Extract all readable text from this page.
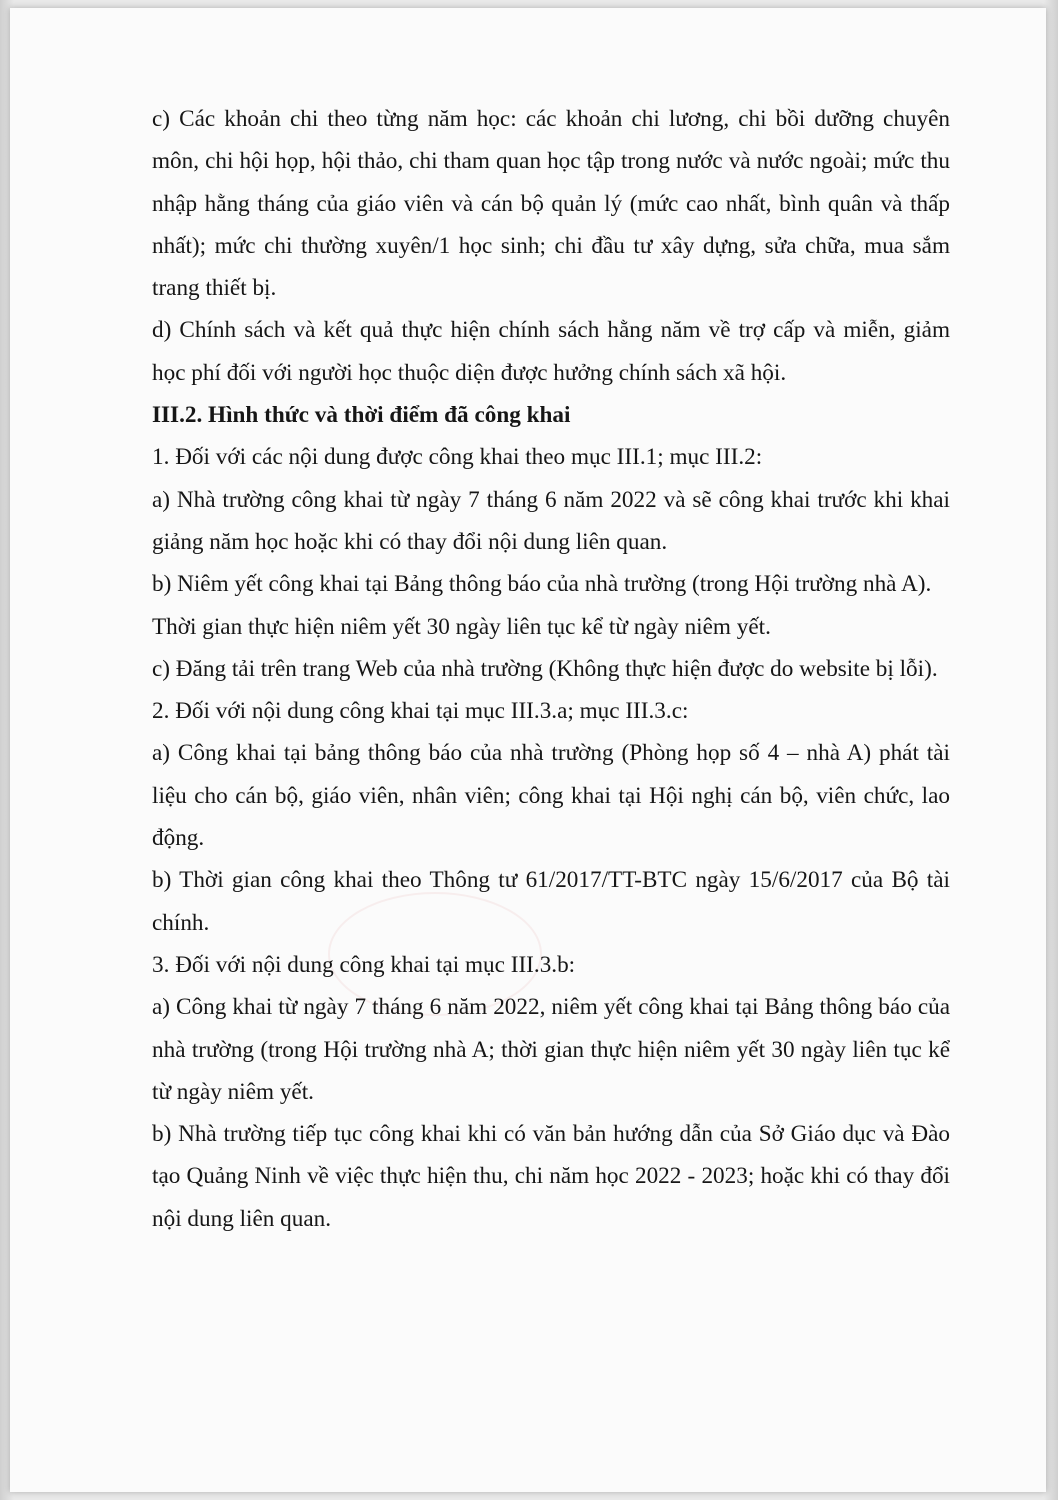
c) Các khoản chi theo từng năm học: các khoản chi lương, chi bồi dưỡng chuyên môn, chi hội họp, hội thảo, chi tham quan học tập trong nước và nước ngoài; mức thu nhập hằng tháng của giáo viên và cán bộ quản lý (mức cao nhất, bình quân và thấp nhất); mức chi thường xuyên/1 học sinh; chi đầu tư xây dựng, sửa chữa, mua sắm trang thiết bị.

d) Chính sách và kết quả thực hiện chính sách hằng năm về trợ cấp và miễn, giảm học phí đối với người học thuộc diện được hưởng chính sách xã hội.

III.2. Hình thức và thời điểm đã công khai

1. Đối với các nội dung được công khai theo mục III.1; mục III.2:

a) Nhà trường công khai từ ngày 7 tháng 6 năm 2022 và sẽ công khai trước khi khai giảng năm học hoặc khi có thay đổi nội dung liên quan.

b) Niêm yết công khai tại Bảng thông báo của nhà trường (trong Hội trường nhà A).

Thời gian thực hiện niêm yết 30 ngày liên tục kể từ ngày niêm yết.

c) Đăng tải trên trang Web của nhà trường (Không thực hiện được do website bị lỗi).

2. Đối với nội dung công khai tại mục III.3.a; mục III.3.c:

a) Công khai tại bảng thông báo của nhà trường (Phòng họp số 4 – nhà A) phát tài liệu cho cán bộ, giáo viên, nhân viên; công khai tại Hội nghị cán bộ, viên chức, lao động.

b) Thời gian công khai theo Thông tư 61/2017/TT-BTC ngày 15/6/2017 của Bộ tài chính.

3. Đối với nội dung công khai tại mục III.3.b:

a) Công khai từ ngày 7 tháng 6 năm 2022, niêm yết công khai tại Bảng thông báo của nhà trường (trong Hội trường nhà A; thời gian thực hiện niêm yết 30 ngày liên tục kể từ ngày niêm yết.

b) Nhà trường tiếp tục công khai khi có văn bản hướng dẫn của Sở Giáo dục và Đào tạo Quảng Ninh về việc thực hiện thu, chi năm học 2022 - 2023; hoặc khi có thay đổi nội dung liên quan.
